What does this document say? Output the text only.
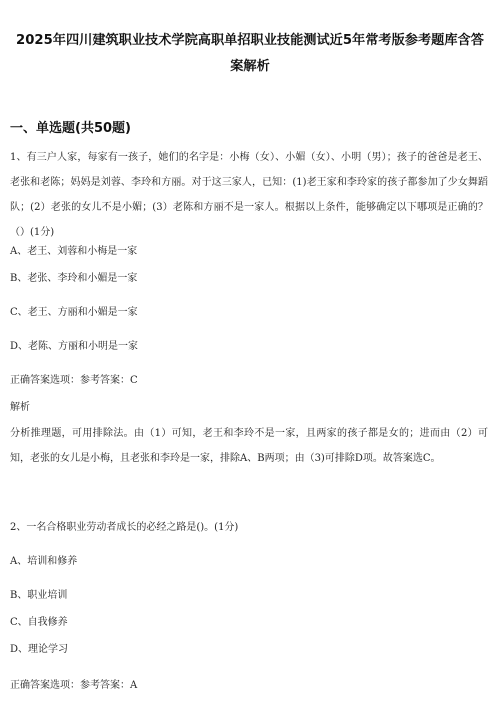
2025年四川建筑职业技术学院高职单招职业技能测试近5年常考版参考题库含答案解析
一、单选题(共50题)
1、有三户人家，每家有一孩子，她们的名字是：小梅（女）、小媚（女）、小明（男）；孩子的爸爸是老王、老张和老陈；妈妈是刘蓉、李玲和方丽。对于这三家人，已知：(1)老王家和李玲家的孩子都参加了少女舞蹈队；(2）老张的女儿不是小媚；(3）老陈和方丽不是一家人。根据以上条件，能够确定以下哪项是正确的？（）(1分)
A、老王、刘蓉和小梅是一家
B、老张、李玲和小媚是一家
C、老王、方丽和小媚是一家
D、老陈、方丽和小明是一家
正确答案选项：参考答案：C
解析
分析推理题，可用排除法。由（1）可知，老王和李玲不是一家，且两家的孩子都是女的；进而由（2）可知，老张的女儿是小梅，且老张和李玲是一家，排除A、B两项；由（3)可排除D项。故答案选C。
2、一名合格职业劳动者成长的必经之路是()。(1分)
A、培训和修养
B、职业培训
C、自我修养
D、理论学习
正确答案选项：参考答案：A
